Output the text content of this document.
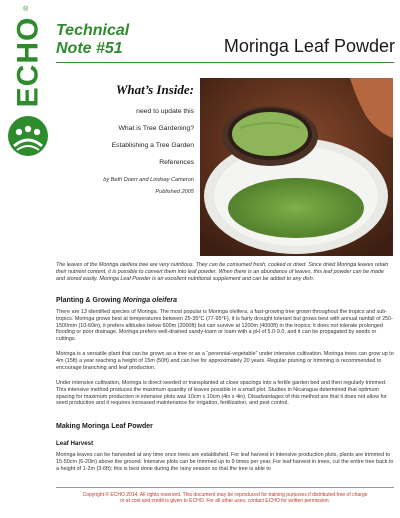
®
ECHO Technical
Note #51	Moringa Leaf Powder
What’s Inside:
need to update this
What is Tree Gardening?
Establishing a Tree Garden
References
by Beth Doerr and Lindsay Cameron
Published 2005
The leaves of the Moringa oleifera tree are very nutritious. They can be consumed fresh, cooked or dried. Since dried Moringa leaves retain their nutrient content, it is possible to convert them into leaf powder. When there is an abundance of leaves, this leaf powder can be made and stored easily. Moringa Leaf Powder is an excellent nutritional supplement and can be added to any dish.
Planting & Growing Moringa oleifera
There are 13 identified species of Moringa. The most popular is Moringa oleifera, a fast-growing tree grown throughout the tropics and sub-tropics. Moringa grows best at temperatures between 25-35°C (77-95°F), it is fairly drought tolerant but grows best with annual rainfall of 250-1500mm (10-60in), it prefers altitudes below 600m (2000ft) but can survive at 1200m (4000ft) in the tropics; it does not tolerate prolonged flooding or poor drainage. Moringa prefers well-drained sandy-loam or loam with a pH of 5.0-9.0, and it can be propagated by seeds or cuttings.
Moringa is a versatile plant that can be grown as a tree or as a “perennial-vegetable” under intensive cultivation. Moringa trees can grow up to 4m (15ft) a year reaching a height of 15m (50ft) and can live for approximately 20 years. Regular pruning or trimming is recommended to encourage branching and leaf production.
Under intensive cultivation, Moringa is direct-seeded or transplanted at close spacings into a fertile garden bed and then regularly trimmed. This intensive method produces the maximum quantity of leaves possible in a small plot. Studies in Nicaragua determined that optimum spacing for maximum production in intensive plots was 10cm x 10cm (4in x 4in). Disadvantages of this method are that it does not allow for seed production and it requires increased maintenance for irrigation, fertilization, and pest control.
Making Moringa Leaf Powder
Leaf Harvest
Moringa leaves can be harvested at any time once trees are established. For leaf harvest in intensive production plots, plants are trimmed to 15-50cm (6-20in) above the ground. Intensive plots can be trimmed up to 9 times per year. For leaf harvest in trees, cut the entire tree back to a height of 1-2m (3-6ft); this is best done during the rainy season so that the tree is able to
Copyright © ECHO 2014. All rights reserved. This document may be reproduced for training purposes if distributed free of charge
or at cost and credit is given to ECHO. For all other uses, contact ECHO for written permission.
